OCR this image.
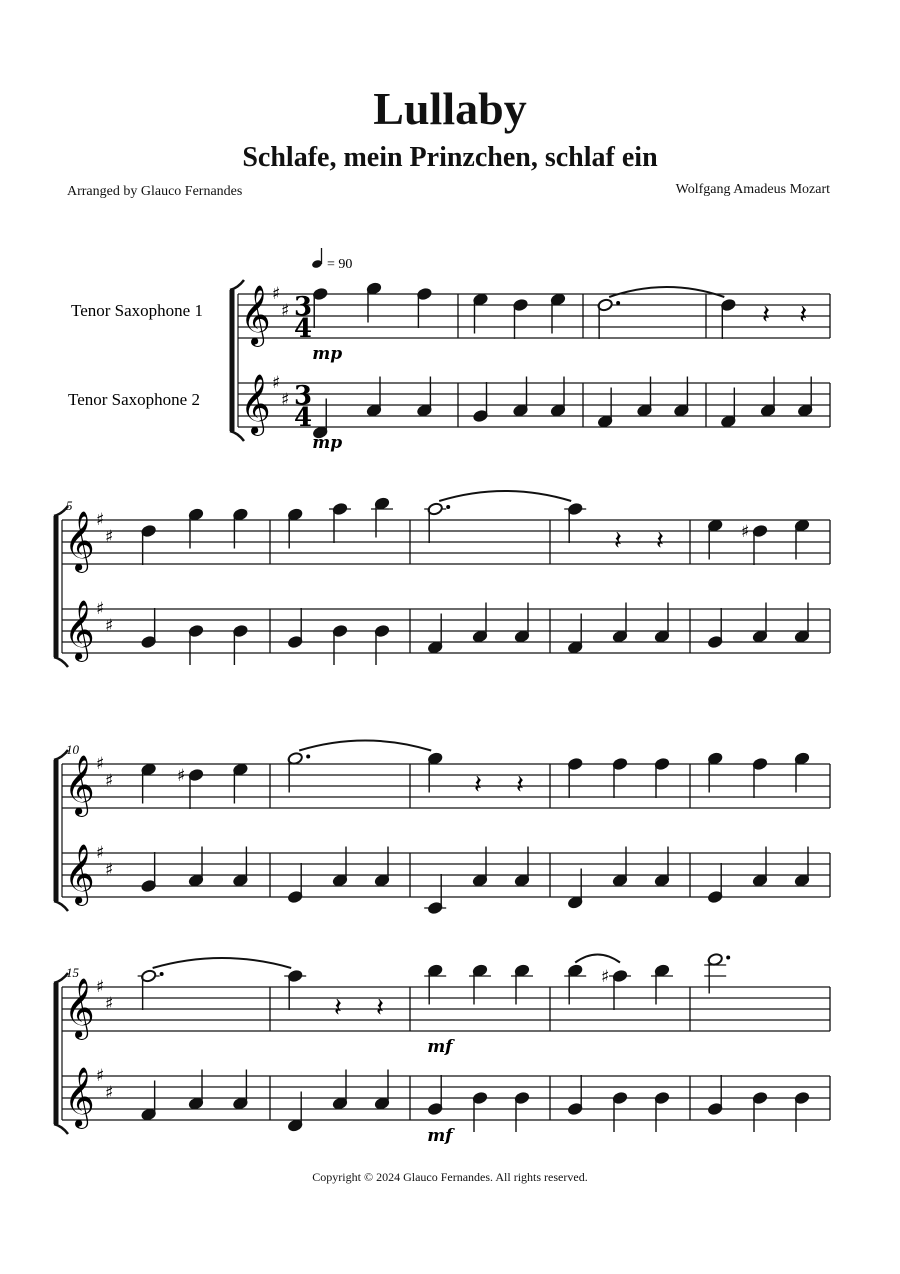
Lullaby
Schlafe, mein Prinzchen, schlaf ein
Arranged by Glauco Fernandes	Wolfgang Amadeus Mozart
𝄞 ♯
♯ 3
4
𝄞 ♯
♯ 3
4
Tenor Saxophone 1
Tenor Saxophone 2
= 90
mp
mp
𝄽 𝄽
𝄞 ♯
♯
𝄞 ♯
♯
5
𝄽 𝄽	♯
𝄞 ♯
♯
𝄞 ♯
♯
10
♯	𝄽 𝄽
𝄞 ♯
♯
𝄞 ♯
♯
15
𝄽 𝄽
mf
mf
♯
Copyright © 2024 Glauco Fernandes. All rights reserved.
